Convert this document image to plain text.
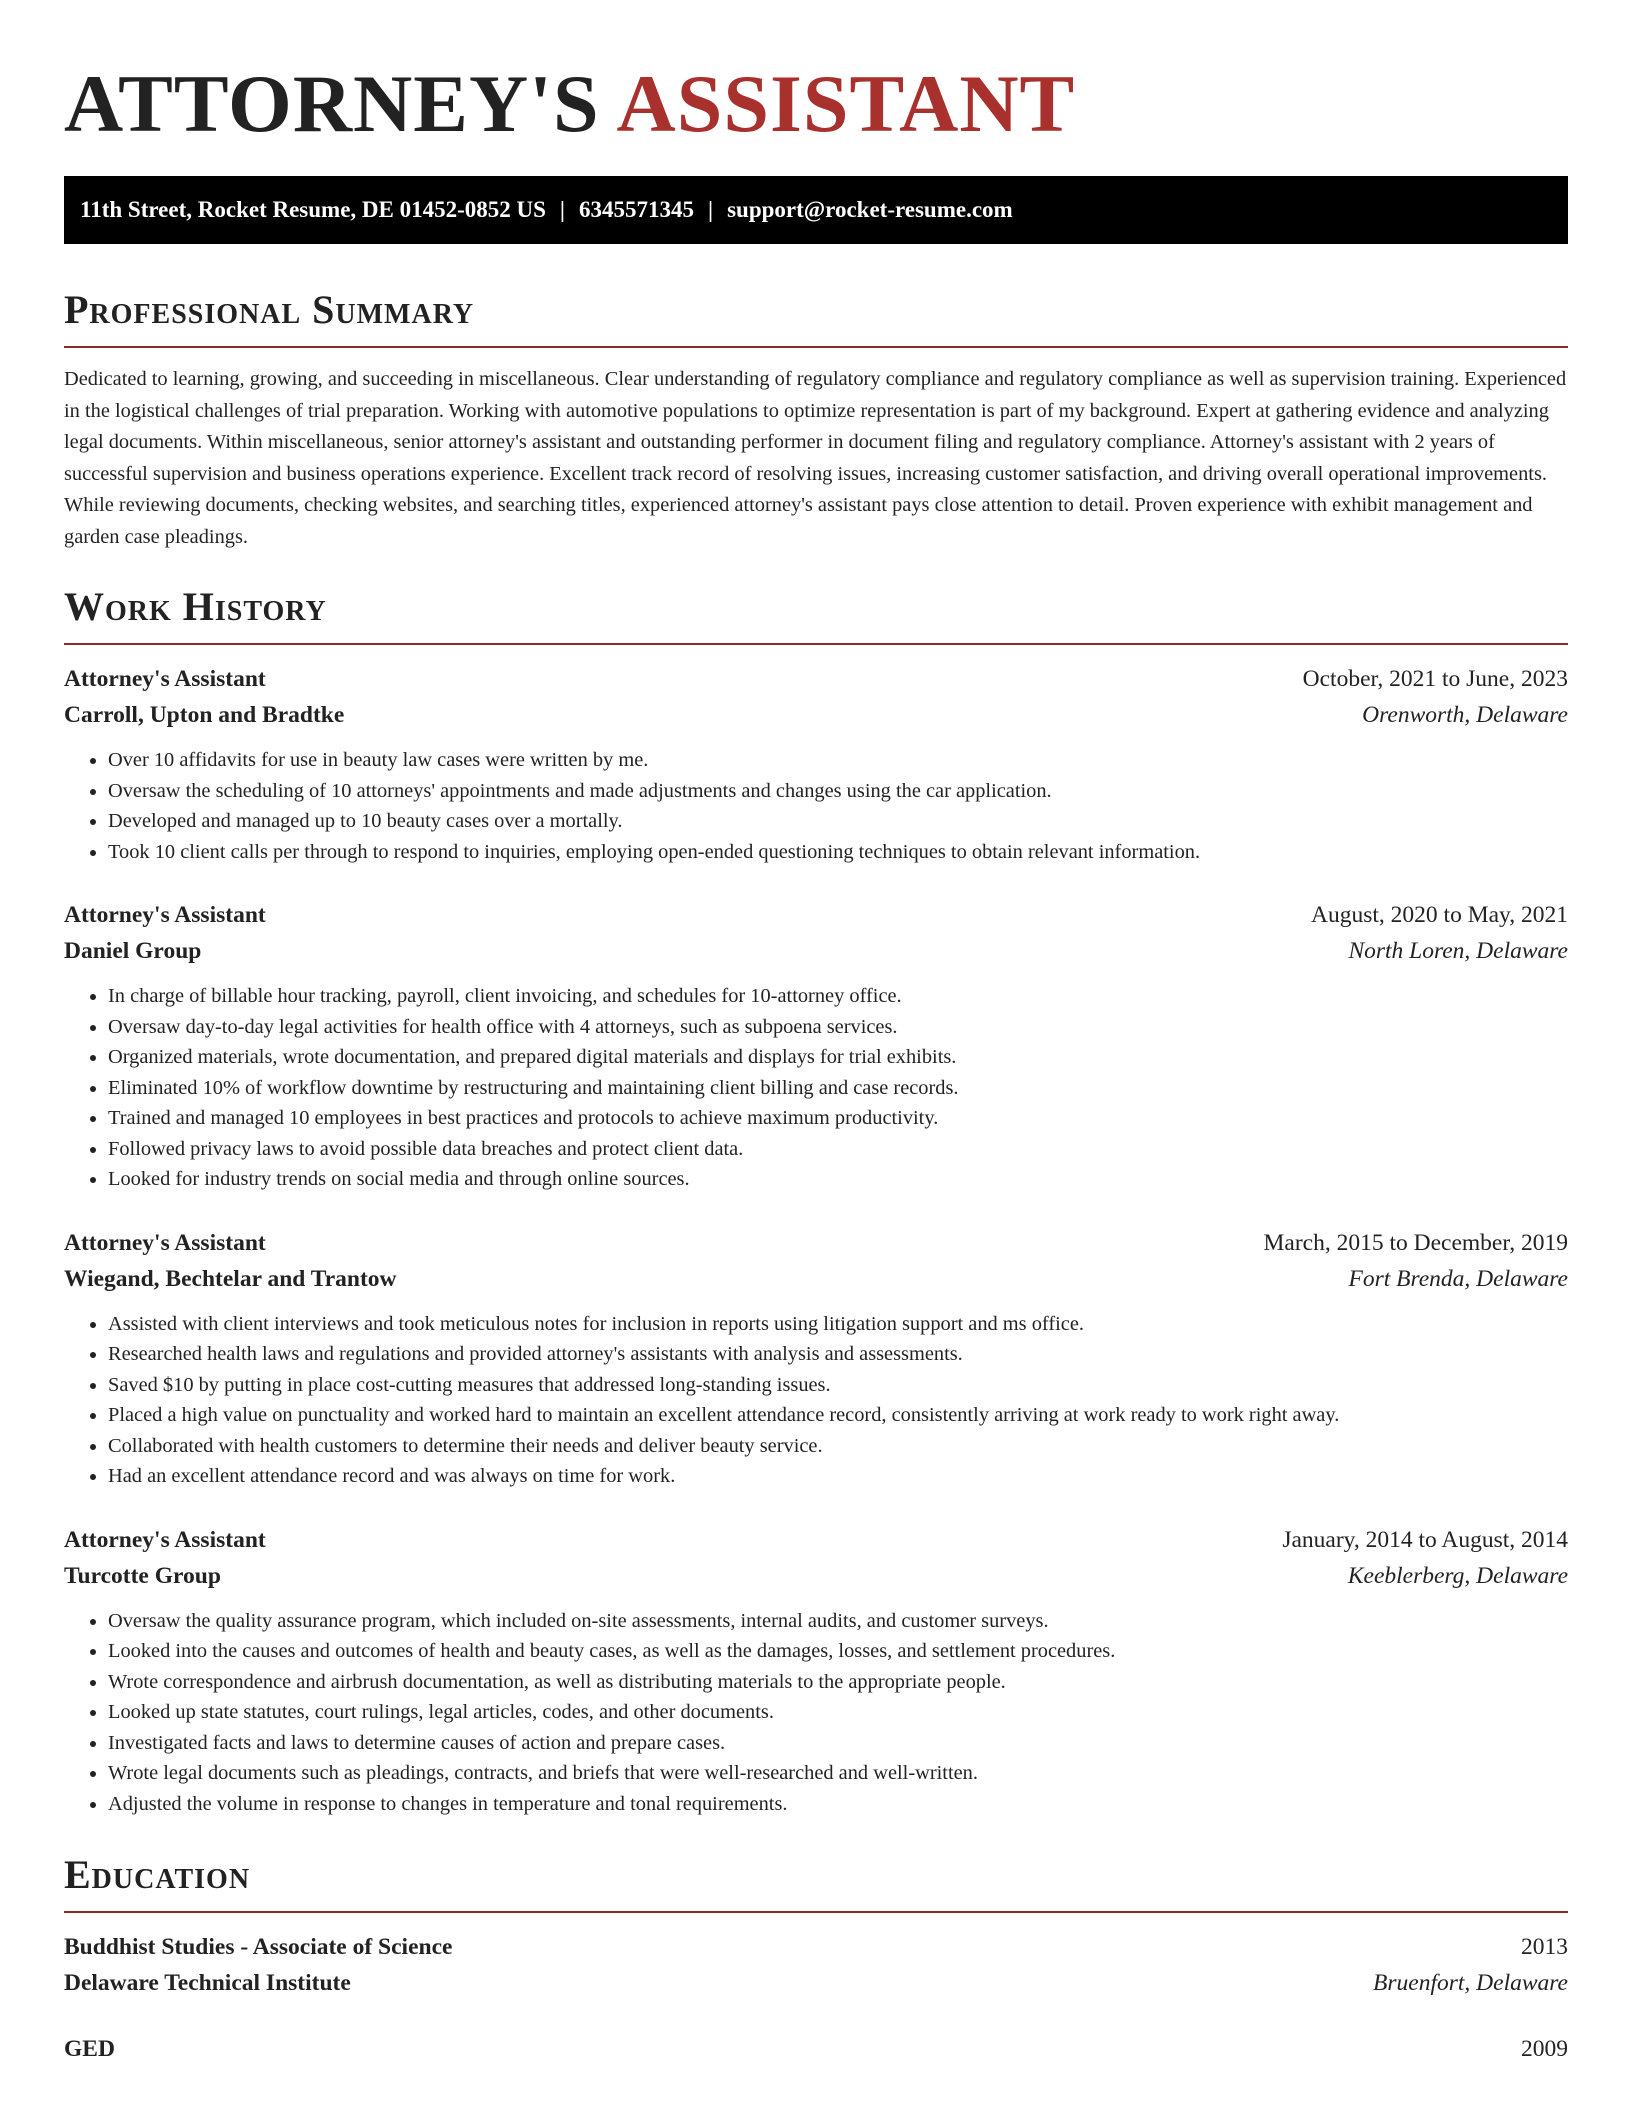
ATTORNEY'S ASSISTANT
11th Street, Rocket Resume, DE 01452-0852 US | 6345571345 | support@rocket-resume.com
Professional Summary

Dedicated to learning, growing, and succeeding in miscellaneous. Clear understanding of regulatory compliance and regulatory compliance as well as supervision training. Experienced in the logistical challenges of trial preparation. Working with automotive populations to optimize representation is part of my background. Expert at gathering evidence and analyzing legal documents. Within miscellaneous, senior attorney's assistant and outstanding performer in document filing and regulatory compliance. Attorney's assistant with 2 years of successful supervision and business operations experience. Excellent track record of resolving issues, increasing customer satisfaction, and driving overall operational improvements. While reviewing documents, checking websites, and searching titles, experienced attorney's assistant pays close attention to detail. Proven experience with exhibit management and garden case pleadings.

Work History
Attorney's Assistant	October, 2021 to June, 2023
Carroll, Upton and Bradtke	Orenworth, Delaware
• Over 10 affidavits for use in beauty law cases were written by me.
• Oversaw the scheduling of 10 attorneys' appointments and made adjustments and changes using the car application.
• Developed and managed up to 10 beauty cases over a mortally.
• Took 10 client calls per through to respond to inquiries, employing open-ended questioning techniques to obtain relevant information.
Attorney's Assistant	August, 2020 to May, 2021
Daniel Group	North Loren, Delaware
• In charge of billable hour tracking, payroll, client invoicing, and schedules for 10-attorney office.
• Oversaw day-to-day legal activities for health office with 4 attorneys, such as subpoena services.
• Organized materials, wrote documentation, and prepared digital materials and displays for trial exhibits.
• Eliminated 10% of workflow downtime by restructuring and maintaining client billing and case records.
• Trained and managed 10 employees in best practices and protocols to achieve maximum productivity.
• Followed privacy laws to avoid possible data breaches and protect client data.
• Looked for industry trends on social media and through online sources.
Attorney's Assistant	March, 2015 to December, 2019
Wiegand, Bechtelar and Trantow	Fort Brenda, Delaware
• Assisted with client interviews and took meticulous notes for inclusion in reports using litigation support and ms office.
• Researched health laws and regulations and provided attorney's assistants with analysis and assessments.
• Saved $10 by putting in place cost-cutting measures that addressed long-standing issues.
• Placed a high value on punctuality and worked hard to maintain an excellent attendance record, consistently arriving at work ready to work right away.
• Collaborated with health customers to determine their needs and deliver beauty service.
• Had an excellent attendance record and was always on time for work.
Attorney's Assistant	January, 2014 to August, 2014
Turcotte Group	Keeblerberg, Delaware
• Oversaw the quality assurance program, which included on-site assessments, internal audits, and customer surveys.
• Looked into the causes and outcomes of health and beauty cases, as well as the damages, losses, and settlement procedures.
• Wrote correspondence and airbrush documentation, as well as distributing materials to the appropriate people.
• Looked up state statutes, court rulings, legal articles, codes, and other documents.
• Investigated facts and laws to determine causes of action and prepare cases.
• Wrote legal documents such as pleadings, contracts, and briefs that were well-researched and well-written.
• Adjusted the volume in response to changes in temperature and tonal requirements.
Education
Buddhist Studies - Associate of Science	2013
Delaware Technical Institute	Bruenfort, Delaware
GED	2009
